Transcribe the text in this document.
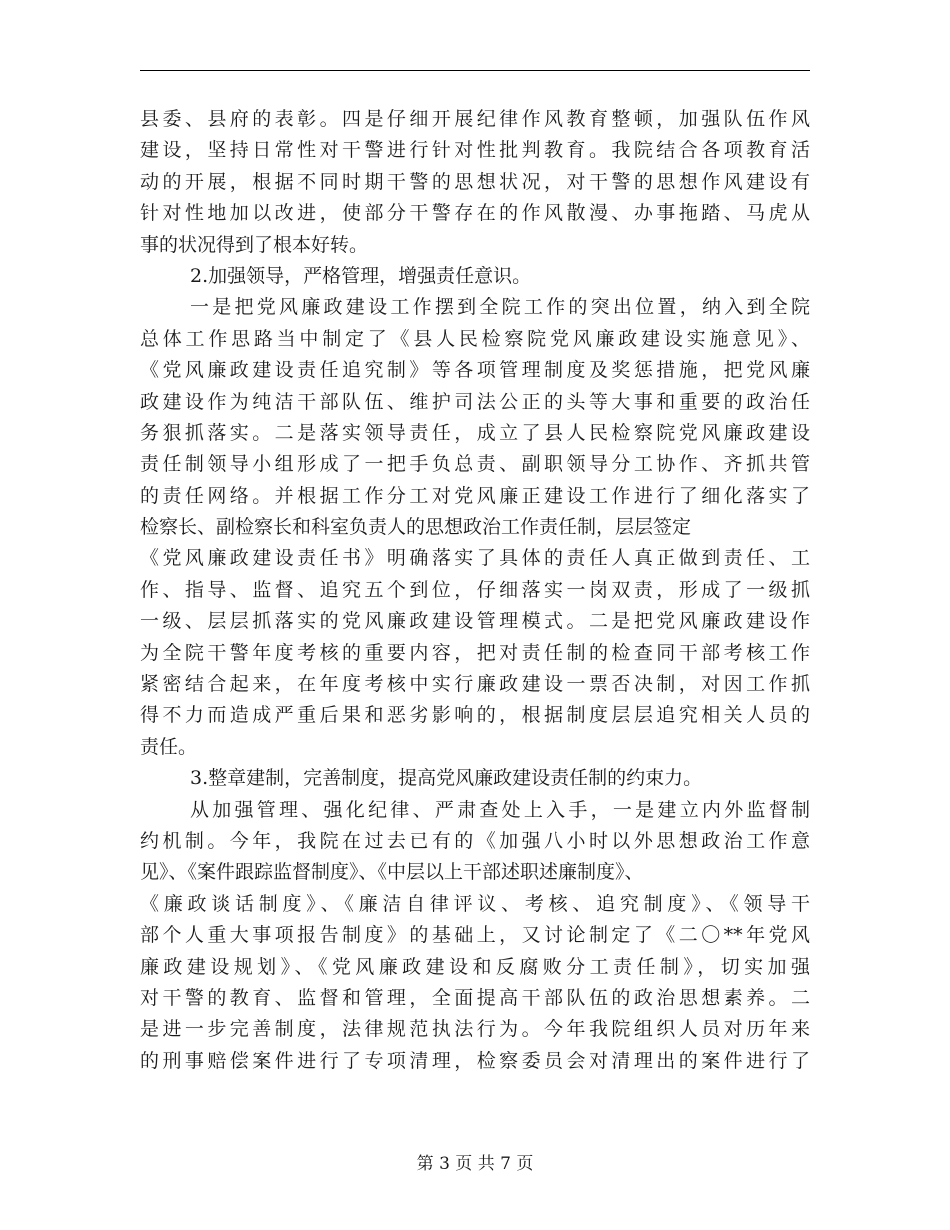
县委、县府的表彰。四是仔细开展纪律作风教育整顿，加强队伍作风
建设，坚持日常性对干警进行针对性批判教育。我院结合各项教育活
动的开展，根据不同时期干警的思想状况，对干警的思想作风建设有
针对性地加以改进，使部分干警存在的作风散漫、办事拖踏、马虎从
事的状况得到了根本好转。
2.加强领导，严格管理，增强责任意识。
一是把党风廉政建设工作摆到全院工作的突出位置，纳入到全院
总体工作思路当中制定了《县人民检察院党风廉政建设实施意见》、
《党风廉政建设责任追究制》等各项管理制度及奖惩措施，把党风廉
政建设作为纯洁干部队伍、维护司法公正的头等大事和重要的政治任
务狠抓落实。二是落实领导责任，成立了县人民检察院党风廉政建设
责任制领导小组形成了一把手负总责、副职领导分工协作、齐抓共管
的责任网络。并根据工作分工对党风廉正建设工作进行了细化落实了
检察长、副检察长和科室负责人的思想政治工作责任制，层层签定
《党风廉政建设责任书》明确落实了具体的责任人真正做到责任、工
作、指导、监督、追究五个到位，仔细落实一岗双责，形成了一级抓
一级、层层抓落实的党风廉政建设管理模式。二是把党风廉政建设作
为全院干警年度考核的重要内容，把对责任制的检查同干部考核工作
紧密结合起来，在年度考核中实行廉政建设一票否决制，对因工作抓
得不力而造成严重后果和恶劣影响的，根据制度层层追究相关人员的
责任。
3.整章建制，完善制度，提高党风廉政建设责任制的约束力。
从加强管理、强化纪律、严肃查处上入手，一是建立内外监督制
约机制。今年，我院在过去已有的《加强八小时以外思想政治工作意
见》、《案件跟踪监督制度》、《中层以上干部述职述廉制度》、
《廉政谈话制度》、《廉洁自律评议、考核、追究制度》、《领导干
部个人重大事项报告制度》的基础上，又讨论制定了《二〇**年党风
廉政建设规划》、《党风廉政建设和反腐败分工责任制》，切实加强
对干警的教育、监督和管理，全面提高干部队伍的政治思想素养。二
是进一步完善制度，法律规范执法行为。今年我院组织人员对历年来
的刑事赔偿案件进行了专项清理，检察委员会对清理出的案件进行了
第 3 页 共 7 页
